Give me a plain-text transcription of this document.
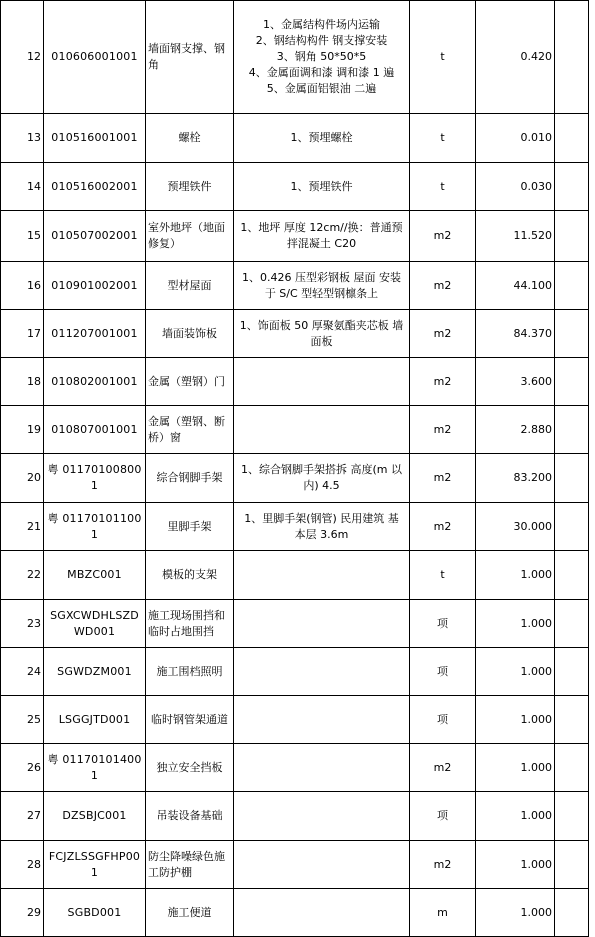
12	010606001001	墙面钢支撑、钢角	1、金属结构件场内运输
2、钢结构构件 钢支撑安装
3、钢角 50*50*5
4、金属面调和漆 调和漆 1 遍
5、金属面铝银油 二遍	t	0.420	
13	010516001001	螺栓	1、预埋螺栓	t	0.010	
14	010516002001	预埋铁件	1、预埋铁件	t	0.030	
15	010507002001	室外地坪（地面修复）	1、地坪 厚度 12cm//换：普通预
拌混凝土 C20	m2	11.520	
16	010901002001	型材屋面	1、0.426 压型彩钢板 屋面 安装
于 S/C 型轻型钢檩条上	m2	44.100	
17	011207001001	墙面装饰板	1、饰面板 50 厚聚氨酯夹芯板 墙
面板	m2	84.370	
18	010802001001	金属（塑钢）门		m2	3.600	
19	010807001001	金属（塑钢、断桥）窗		m2	2.880	
20	粤 011701008001	综合钢脚手架	1、综合钢脚手架搭拆 高度(m 以
内) 4.5	m2	83.200	
21	粤 011701011001	里脚手架	1、里脚手架(钢管) 民用建筑 基
本层 3.6m	m2	30.000	
22	MBZC001	模板的支架		t	1.000	
23	SGXCWDHLSZDWD001	施工现场围挡和临时占地围挡		项	1.000	
24	SGWDZM001	施工围档照明		项	1.000	
25	LSGGJTD001	临时钢管架通道		项	1.000	
26	粤 011701014001	独立安全挡板		m2	1.000	
27	DZSBJC001	吊装设备基础		项	1.000	
28	FCJZLSSGFHP001	防尘降噪绿色施工防护棚		m2	1.000	
29	SGBD001	施工便道		m	1.000	
